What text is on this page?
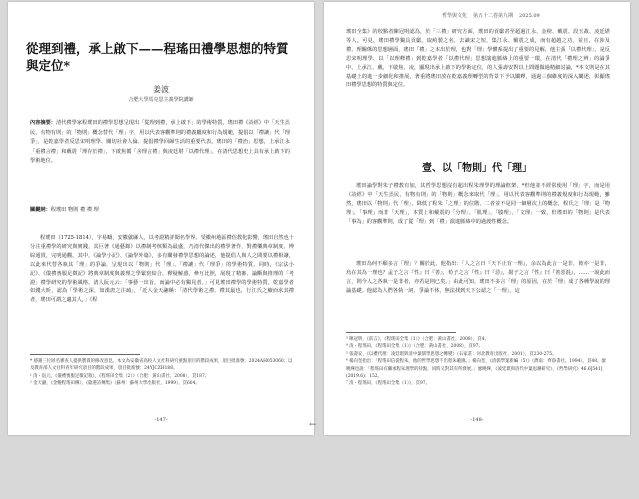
從理到禮，承上啟下——程瑤田禮學思想的特質與定位*
姜波
合肥大學馬克思主義學院講師
內容摘要：清代禮學家程瑤田的禮學思想呈現出「從理到禮，承上啟下」的學術特質，瑤田禮《詩經》中「天生烝民，有物有則」的「物則」概念替代「理」字，用以代表客觀準則的禮義屬度和行為規範，提倡以「禮讓」代「理爭」，是乾嘉學者反思宋明理學、關切社會人倫、提倡禮學回歸生活的重要代表。瑤田的「禮治」思想，上承江永「重禮言禮」和戴震「理存於禮」，下啟焦循「舍理言禮」與凌廷堪「以禮代理」，在清代思想史上具有承上啟下的學術地位。
關鍵詞：程瑤田 物則 禮 禮 理
程瑤田（1725-1814），字易疇，安徽歙縣人，以考證精詳聞名學界。受徽州地區禮俗教化影響，瑤田自然也十分注重禮學的研究與實踐，其巨著《通藝錄》以禮制考核類為最盛，乃清代傑出的禮學著作，對禮樂典章制度、博綜通貫，完明通觀。其中，《論學小記》、《論學外篇》，多有闡發禮學思想的論述，他提倡人與人之間要以禮相讓，以此來代替各執其「理」的爭論，呈現出以「物則」代「理」、「禮讓」代「理爭」的學術特質。同時，《宗法小記》、《儀禮喪服足徵記》將典章制度與義理之學緊密結合，釋疑解惑，參互比照，展現了精審、論斷與推理的「考證」禮學研究的學術風格。清人阮元云：「事藝一出旨，而論中必有獨見者。」可見瑤田禮學的學術特質。乾嘉學者如錢大昕，認為「學術之深，如漢唐之注疏」，「近人金天翮稱：「清代學術之禮、禮其最也，行江氏之續而求其禮者，瑤田可謂之適其人，」《程

* 感謝三位匿名審查人提供寶貴的修改意見。本文為安徽省高校人文社科研究重點項目的階段成果，項目批准號：2024AH053060；以及教育部人文社科青年研究項目的階段成果，項目批准號：24YJCZH188。

¹ 清・阮元，《儀禮喪服足徵記敘》，《程瑤田全集（2）》（合肥：黃山書社，2008），頁187。

² 金天翮，《金輓程瑤田傳》，《歙港詩傳集》（蘇州：蘇州大學出版社，1999），頁604。

-147-
哲學與文化 第五十二卷第九期 2025.09
瑤田全集》的校點者陳冠明認為，於「三禮」研究方面，瑤田的貢獻甚至超過江永、金榜、戴震、段玉裁、凌廷堪等人。可見，瑤田禮學獨具貢獻。取約製之名，去識宋之短，集江永、戴震之成，而有超越之功。並且，在涉及禮、理關係的思想層面，瑤田「禮」之本出於理，也對「理」學體系提出了重要的見解，他主張「以禮代理」，是反思宋明理學、以「以理釋禮」到乾嘉學者「以禮代理」思想演進脈絡上的重要一環，在清代「禮理之辨」的論爭中，上承江、戴，下啟焦、凌，顯現出承上啟下的學術定位，的人張壽安對以上問題做過精細討論，*本文則是在其基礎上的進一步細化和推展，著重將瑤田放在乾嘉義理轉型的背景下予以闡釋，通過三個維度的深入闡述，彰顯瑤田禮學思想的特質與定位。
壹、以「物則」代「理」
瑤田論學對朱子禮教有加，其哲學思想沒有超出程朱理學的理論框架，*但他並不經常使用「理」字，而是用《詩經》中「天生烝民，有物有則」的「物則」概念來取代「理」，用以代表客觀準則的禮義規度和行為規範，雖然，瑤田以「物則」代「理」，降低了程朱「之理」的位階，二者並不是同一個層次上的概念，程氏之「理」是「物理」，「事理」而非「天理」，本質上和戴震的「分理」、「肌理」、「腠理」、「文理」一致，但瑤田的「物則」是代表「事為」的客觀準則，成了從「理」到「禮」演進脈絡中的過渡性概念。
瑤田為何不願多言「理」？關於此，他指出：「人之言曰『天下止有一理』，余以為此言一是非，彼亦一是非，烏在其為一理也？孟子之言『性』曰『善』，荀子之言『性』曰『惡』，揚子之言『性』曰『善惡混』，……一說此而言，則今人之各執一是非者，亦若是則已矣。」由此可知，瑤田不多言「理」的原因，在於「理」成了各種學說的理論基礎。他認為人們各執一詞，爭論不休，無法找到天下公認之「一理」，這

³ 陳冠明，《前言》，《程瑤田全集（1）》（合肥：黃山書社，2008），頁4。

⁴ 清・程瑤田，《程瑤田全集（1）》（合肥：黃山書社，2008），頁97。

⁵ 張壽安，《以禮代理：凌廷堪與清中葉儒學思想之轉變》（石家莊：河北教育出版社，2001），頁230-275。

⁶ 楊向奎指出：「程瑤田信從程朱，他的哲學思想不出程朱範圍。」楊向奎，《清儒學案新編（5）》（濟南：齊魯書社，1994），頁48。廖曉燁也說：「程瑤田有繼承程朱理學的特點，同時又對其有所發展。」廖曉燁，《凌廷堪與清代中葉思潮研究》，《哲學研究》46.6[541](2019.6)：152。

⁷ 清・程瑤田，《程瑤田全集（1）》，頁97。

-148-
←
